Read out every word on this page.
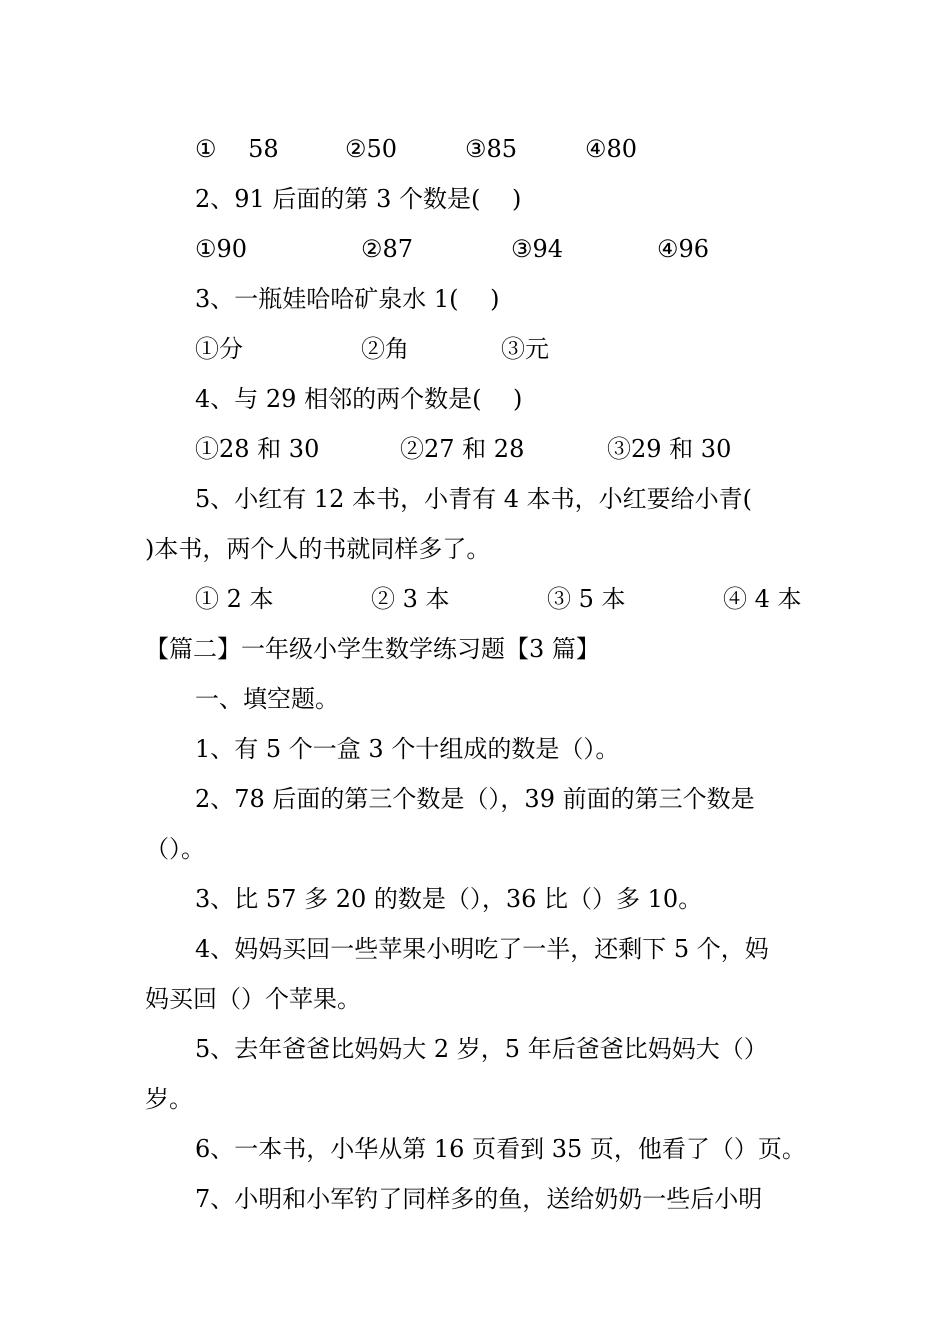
①　 58	②50	③85	④80
2、91 后面的第 3 个数是(　 )
①90	②87	③94	④96
3、一瓶娃哈哈矿泉水 1(　 )
①分	②角	③元
4、与 29 相邻的两个数是(　 )
①28 和 30	②27 和 28	③29 和 30
5、小红有 12 本书，小青有 4 本书，小红要给小青(
)本书，两个人的书就同样多了。
① 2 本	② 3 本	③ 5 本	④ 4 本
【篇二】一年级小学生数学练习题【3 篇】
一、填空题。
1、有 5 个一盒 3 个十组成的数是（）。
2、78 后面的第三个数是（），39 前面的第三个数是
（）。
3、比 57 多 20 的数是（），36 比（）多 10。
4、妈妈买回一些苹果小明吃了一半，还剩下 5 个，妈
妈买回（）个苹果。
5、去年爸爸比妈妈大 2 岁，5 年后爸爸比妈妈大（）
岁。
6、一本书，小华从第 16 页看到 35 页，他看了（）页。
7、小明和小军钓了同样多的鱼，送给奶奶一些后小明
